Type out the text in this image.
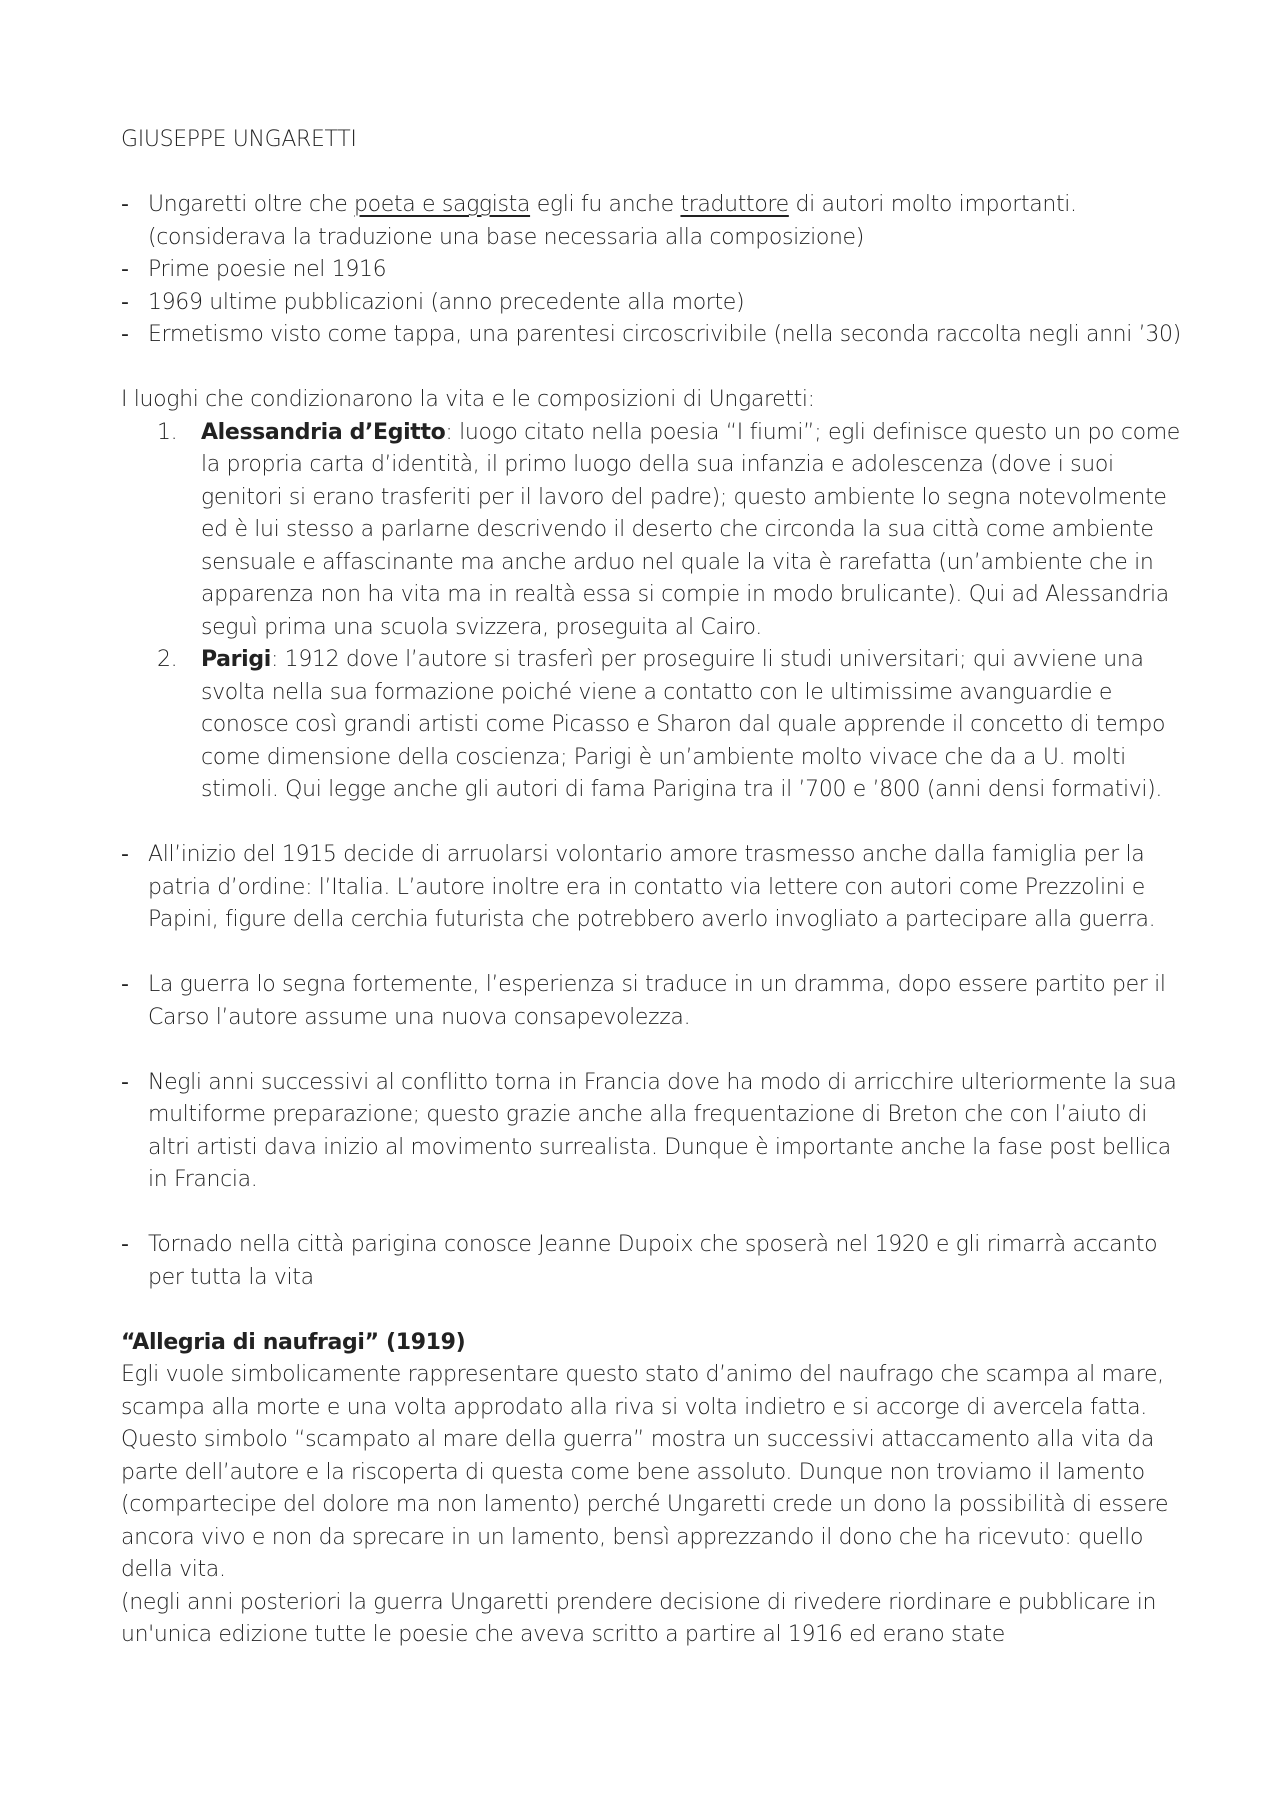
GIUSEPPE UNGARETTI

- Ungaretti oltre che poeta e saggista egli fu anche traduttore di autori molto importanti. (considerava la traduzione una base necessaria alla composizione)
- Prime poesie nel 1916
- 1969 ultime pubblicazioni (anno precedente alla morte)
- Ermetismo visto come tappa, una parentesi circoscrivibile (nella seconda raccolta negli anni ’30)

I luoghi che condizionarono la vita e le composizioni di Ungaretti:

1. Alessandria d’Egitto: luogo citato nella poesia “I fiumi”; egli definisce questo un po come la propria carta d’identità, il primo luogo della sua infanzia e adolescenza (dove i suoi genitori si erano trasferiti per il lavoro del padre); questo ambiente lo segna notevolmente ed è lui stesso a parlarne descrivendo il deserto che circonda la sua città come ambiente sensuale e affascinante ma anche arduo nel quale la vita è rarefatta (un’ambiente che in apparenza non ha vita ma in realtà essa si compie in modo brulicante). Qui ad Alessandria seguì prima una scuola svizzera, proseguita al Cairo.
2. Parigi: 1912 dove l’autore si trasferì per proseguire li studi universitari; qui avviene una svolta nella sua formazione poiché viene a contatto con le ultimissime avanguardie e conosce così grandi artisti come Picasso e Sharon dal quale apprende il concetto di tempo come dimensione della coscienza; Parigi è un’ambiente molto vivace che da a U. molti stimoli. Qui legge anche gli autori di fama Parigina tra il ’700 e ’800 (anni densi formativi).
- All’inizio del 1915 decide di arruolarsi volontario amore trasmesso anche dalla famiglia per la patria d’ordine: l’Italia. L’autore inoltre era in contatto via lettere con autori come Prezzolini e Papini, figure della cerchia futurista che potrebbero averlo invogliato a partecipare alla guerra.
- La guerra lo segna fortemente, l’esperienza si traduce in un dramma, dopo essere partito per il Carso l’autore assume una nuova consapevolezza.
- Negli anni successivi al conflitto torna in Francia dove ha modo di arricchire ulteriormente la sua multiforme preparazione; questo grazie anche alla frequentazione di Breton che con l’aiuto di altri artisti dava inizio al movimento surrealista. Dunque è importante anche la fase post bellica in Francia.
- Tornado nella città parigina conosce Jeanne Dupoix che sposerà nel 1920 e gli rimarrà accanto per tutta la vita

“Allegria di naufragi” (1919)

Egli vuole simbolicamente rappresentare questo stato d’animo del naufrago che scampa al mare, scampa alla morte e una volta approdato alla riva si volta indietro e si accorge di avercela fatta. Questo simbolo “scampato al mare della guerra” mostra un successivi attaccamento alla vita da parte dell’autore e la riscoperta di questa come bene assoluto. Dunque non troviamo il lamento (compartecipe del dolore ma non lamento) perché Ungaretti crede un dono la possibilità di essere ancora vivo e non da sprecare in un lamento, bensì apprezzando il dono che ha ricevuto: quello della vita.

(negli anni posteriori la guerra Ungaretti prendere decisione di rivedere riordinare e pubblicare in un'unica edizione tutte le poesie che aveva scritto a partire al 1916 ed erano state
